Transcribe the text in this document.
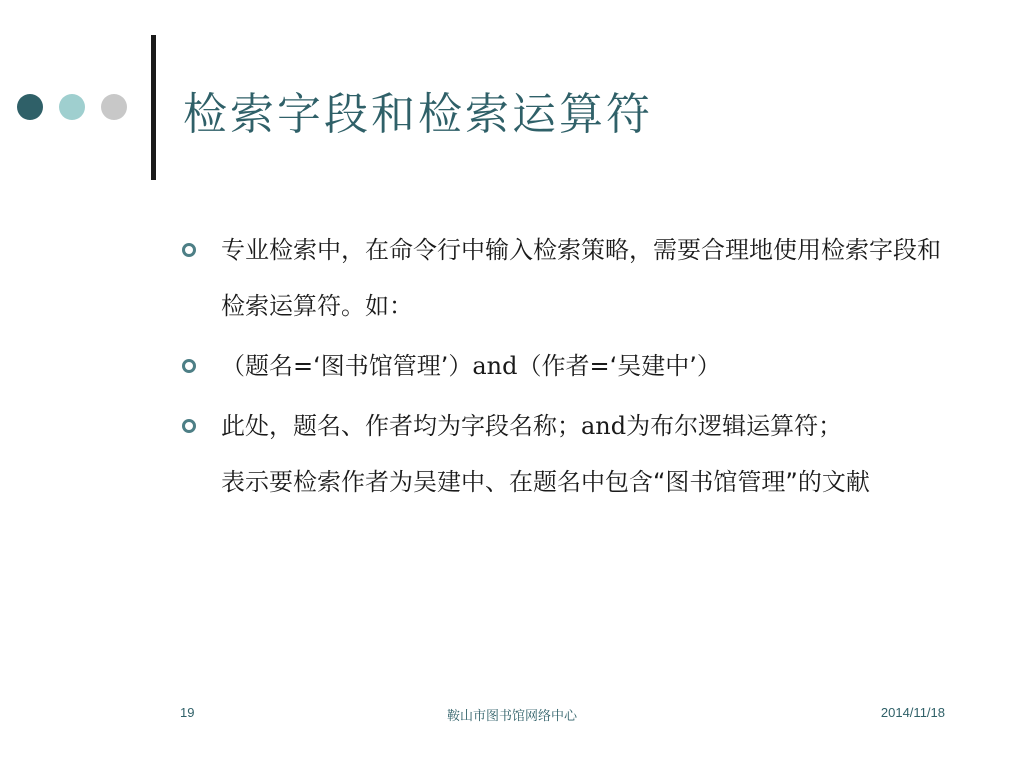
检索字段和检索运算符
专业检索中，在命令行中输入检索策略，需要合理地使用检索字段和检索运算符。如：
（题名=‘图书馆管理’）and（作者=‘吴建中’）
此处，题名、作者均为字段名称；and为布尔逻辑运算符；
表示要检索作者为吴建中、在题名中包含“图书馆管理”的文献
19	鞍山市图书馆网络中心	2014/11/18
